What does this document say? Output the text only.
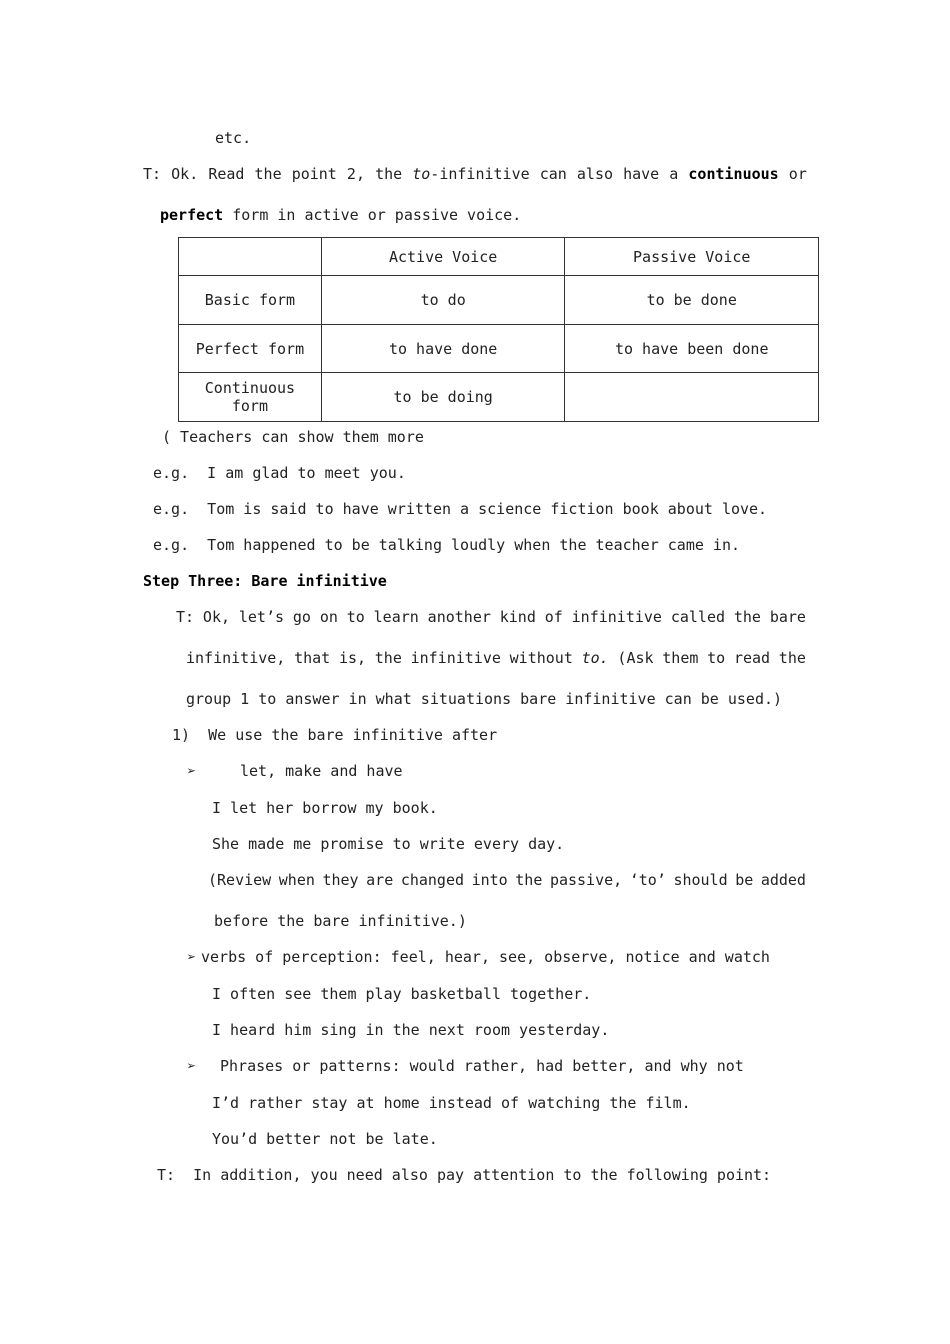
etc.
T: Ok. Read the point 2, the to-infinitive can also have a continuous or
perfect form in active or passive voice.
	Active Voice	Passive Voice
Basic form	to do	to be done
Perfect form	to have done	to have been done
Continuous form	to be doing	
( Teachers can show them more
e.g.  I am glad to meet you.
e.g.  Tom is said to have written a science fiction book about love.
e.g.  Tom happened to be talking loudly when the teacher came in.
Step Three: Bare infinitive
T: Ok, let’s go on to learn another kind of infinitive called the bare
infinitive, that is, the infinitive without to. (Ask them to read the
group 1 to answer in what situations bare infinitive can be used.)
1)  We use the bare infinitive after
➢	let, make and have
I let her borrow my book.
She made me promise to write every day.
(Review when they are changed into the passive, ‘to’ should be added
before the bare infinitive.)
➢ verbs of perception: feel, hear, see, observe, notice and watch
I often see them play basketball together.
I heard him sing in the next room yesterday.
➢ Phrases or patterns: would rather, had better, and why not
I’d rather stay at home instead of watching the film.
You’d better not be late.
T:  In addition, you need also pay attention to the following point:
